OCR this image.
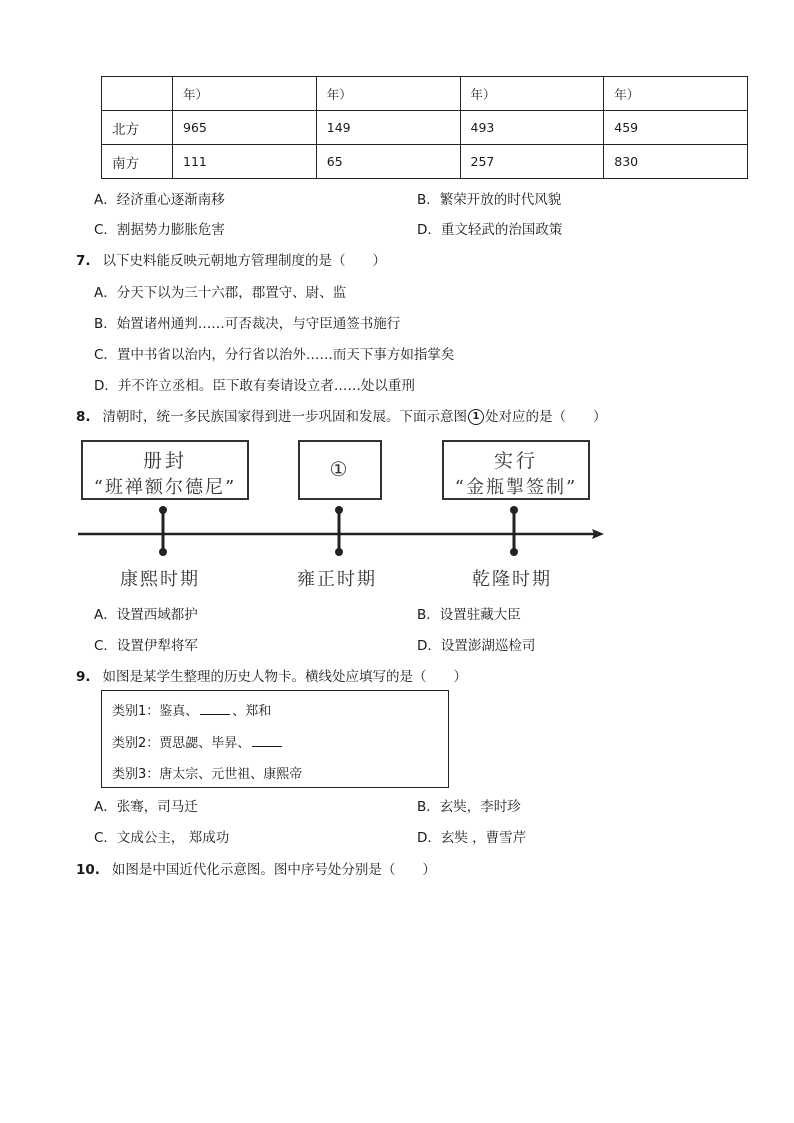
	年）	年）	年）	年）
北方	965	149	493	459
南方	111	65	257	830
A．经济重心逐渐南移	B．繁荣开放的时代风貌
C．割据势力膨胀危害	D．重文轻武的治国政策
7. 以下史料能反映元朝地方管理制度的是（　　）
A．分天下以为三十六郡，郡置守、尉、监
B．始置诸州通判……可否裁决，与守臣通签书施行
C．置中书省以治内，分行省以治外……而天下事方如指掌矣
D．并不许立丞相。臣下敢有奏请设立者……处以重刑
8. 清朝时，统一多民族国家得到进一步巩固和发展。下面示意图 1 处对应的是（　　）
册封
“班禅额尔德尼”
①	实行
“金瓶掣签制”
康熙时期	雍正时期	乾隆时期
A．设置西域都护	B．设置驻藏大臣
C．设置伊犁将军	D．设置澎湖巡检司
9. 如图是某学生整理的历史人物卡。横线处应填写的是（　　）
类别1：鉴真、	、郑和
类别2：贾思勰、毕昇、
类别3：唐太宗、元世祖、康熙帝
A．张骞，司马迁	B．玄奘，李时珍
C．文成公主， 郑成功	D．玄奘 ，曹雪芹
10. 如图是中国近代化示意图。图中序号处分别是（　　）
